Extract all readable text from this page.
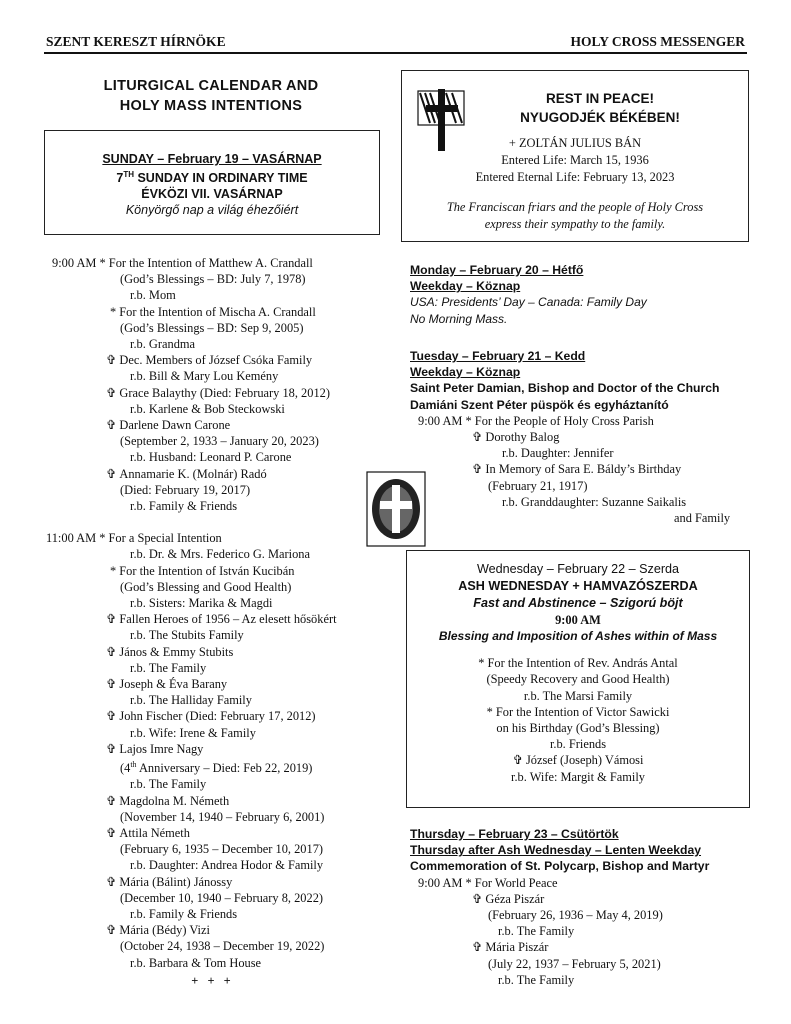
SZENT KERESZT HÍRNÖKE	HOLY CROSS MESSENGER
LITURGICAL CALENDAR AND
HOLY MASS INTENTIONS
SUNDAY – February 19 – VASÁRNAP
7TH SUNDAY IN ORDINARY TIME
ÉVKÖZI VII. VASÁRNAP
Könyörgő nap a világ éhezőiért
9:00 AM * For the Intention of Matthew A. Crandall
(God’s Blessings – BD: July 7, 1978)
r.b. Mom
* For the Intention of Mischa A. Crandall
(God’s Blessings – BD: Sep 9, 2005)
r.b. Grandma
✞ Dec. Members of József Csóka Family
r.b. Bill & Mary Lou Kemény
✞ Grace Balaythy (Died: February 18, 2012)
r.b. Karlene & Bob Steckowski
✞ Darlene Dawn Carone
(September 2, 1933 – January 20, 2023)
r.b. Husband: Leonard P. Carone
✞ Annamarie K. (Molnár) Radó
(Died: February 19, 2017)
r.b. Family & Friends
11:00 AM * For a Special Intention
r.b. Dr. & Mrs. Federico G. Mariona
* For the Intention of István Kucibán
(God’s Blessing and Good Health)
r.b. Sisters: Marika & Magdi
✞ Fallen Heroes of 1956 – Az elesett hősökért
r.b. The Stubits Family
✞ János & Emmy Stubits
r.b. The Family
✞ Joseph & Éva Barany
r.b. The Halliday Family
✞ John Fischer (Died: February 17, 2012)
r.b. Wife: Irene & Family
✞ Lajos Imre Nagy
(4th Anniversary – Died: Feb 22, 2019)
r.b. The Family
✞ Magdolna M. Németh
(November 14, 1940 – February 6, 2001)
✞ Attila Németh
(February 6, 1935 – December 10, 2017)
r.b. Daughter: Andrea Hodor & Family
✞ Mária (Bálint) Jánossy
(December 10, 1940 – February 8, 2022)
r.b. Family & Friends
✞ Mária (Bédy) Vizi
(October 24, 1938 – December 19, 2022)
r.b. Barbara & Tom House
+ + +
REST IN PEACE!
NYUGODJÉK BÉKÉBEN!
+ ZOLTÁN JULIUS BÁN
Entered Life: March 15, 1936
Entered Eternal Life: February 13, 2023
The Franciscan friars and the people of Holy Cross
express their sympathy to the family.
Monday – February 20 – Hétfő
Weekday – Köznap
USA: Presidents’ Day – Canada: Family Day
No Morning Mass.
Tuesday – February 21 – Kedd
Weekday – Köznap
Saint Peter Damian, Bishop and Doctor of the Church
Damiáni Szent Péter püspök és egyháztanító
9:00 AM * For the People of Holy Cross Parish
✞ Dorothy Balog
r.b. Daughter: Jennifer
✞ In Memory of Sara E. Báldy’s Birthday
(February 21, 1917)
r.b. Granddaughter: Suzanne Saikalis
and Family
Wednesday – February 22 – Szerda
ASH WEDNESDAY + HAMVAZÓSZERDA
Fast and Abstinence – Szigorú böjt
9:00 AM
Blessing and Imposition of Ashes within of Mass
* For the Intention of Rev. András Antal
(Speedy Recovery and Good Health)
r.b. The Marsi Family
* For the Intention of Victor Sawicki
on his Birthday (God’s Blessing)
r.b. Friends
✞ József (Joseph) Vámosi
r.b. Wife: Margit & Family
Thursday – February 23 – Csütörtök
Thursday after Ash Wednesday – Lenten Weekday
Commemoration of St. Polycarp, Bishop and Martyr
9:00 AM * For World Peace
✞ Géza Piszár
(February 26, 1936 – May 4, 2019)
r.b. The Family
✞ Mária Piszár
(July 22, 1937 – February 5, 2021)
r.b. The Family
